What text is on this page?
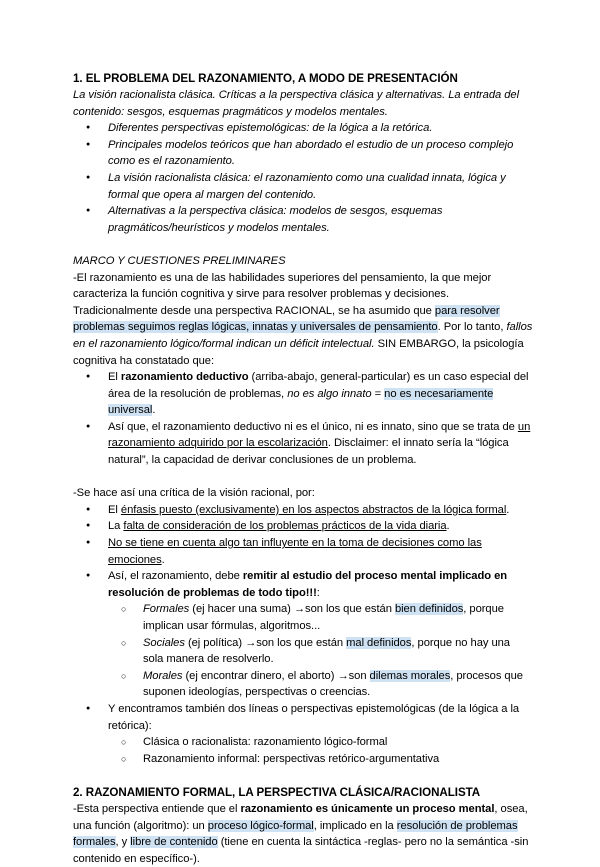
1. EL PROBLEMA DEL RAZONAMIENTO, A MODO DE PRESENTACIÓN

La visión racionalista clásica. Críticas a la perspectiva clásica y alternativas. La entrada del contenido: sesgos, esquemas pragmáticos y modelos mentales.

● Diferentes perspectivas epistemológicas: de la lógica a la retórica.
● Principales modelos teóricos que han abordado el estudio de un proceso complejo como es el razonamiento.
● La visión racionalista clásica: el razonamiento como una cualidad innata, lógica y formal que opera al margen del contenido.
● Alternativas a la perspectiva clásica: modelos de sesgos, esquemas pragmáticos/heurísticos y modelos mentales.

MARCO Y CUESTIONES PRELIMINARES

-El razonamiento es una de las habilidades superiores del pensamiento, la que mejor caracteriza la función cognitiva y sirve para resolver problemas y decisiones. Tradicionalmente desde una perspectiva RACIONAL, se ha asumido que para resolver problemas seguimos reglas lógicas, innatas y universales de pensamiento. Por lo tanto, fallos en el razonamiento lógico/formal indican un déficit intelectual. SIN EMBARGO, la psicología cognitiva ha constatado que:

● El razonamiento deductivo (arriba-abajo, general-particular) es un caso especial del área de la resolución de problemas, no es algo innato = no es necesariamente universal.
● Así que, el razonamiento deductivo ni es el único, ni es innato, sino que se trata de un razonamiento adquirido por la escolarización. Disclaimer: el innato sería la “lógica natural”, la capacidad de derivar conclusiones de un problema.

-Se hace así una crítica de la visión racional, por:

● El énfasis puesto (exclusivamente) en los aspectos abstractos de la lógica formal.
● La falta de consideración de los problemas prácticos de la vida diaria.
● No se tiene en cuenta algo tan influyente en la toma de decisiones como las emociones.
● Así, el razonamiento, debe remitir al estudio del proceso mental implicado en resolución de problemas de todo tipo!!!:
○ Formales (ej hacer una suma) →son los que están bien definidos, porque implican usar fórmulas, algoritmos...
○ Sociales (ej política) →son los que están mal definidos, porque no hay una sola manera de resolverlo.
○ Morales (ej encontrar dinero, el aborto) →son dilemas morales, procesos que suponen ideologías, perspectivas o creencias.
● Y encontramos también dos líneas o perspectivas epistemológicas (de la lógica a la retórica):
○ Clásica o racionalista: razonamiento lógico-formal
○ Razonamiento informal: perspectivas retórico-argumentativa

2. RAZONAMIENTO FORMAL, LA PERSPECTIVA CLÁSICA/RACIONALISTA

-Esta perspectiva entiende que el razonamiento es únicamente un proceso mental, osea, una función (algoritmo): un proceso lógico-formal, implicado en la resolución de problemas formales, y libre de contenido (tiene en cuenta la sintáctica -reglas- pero no la semántica -sin contenido en específico-).
